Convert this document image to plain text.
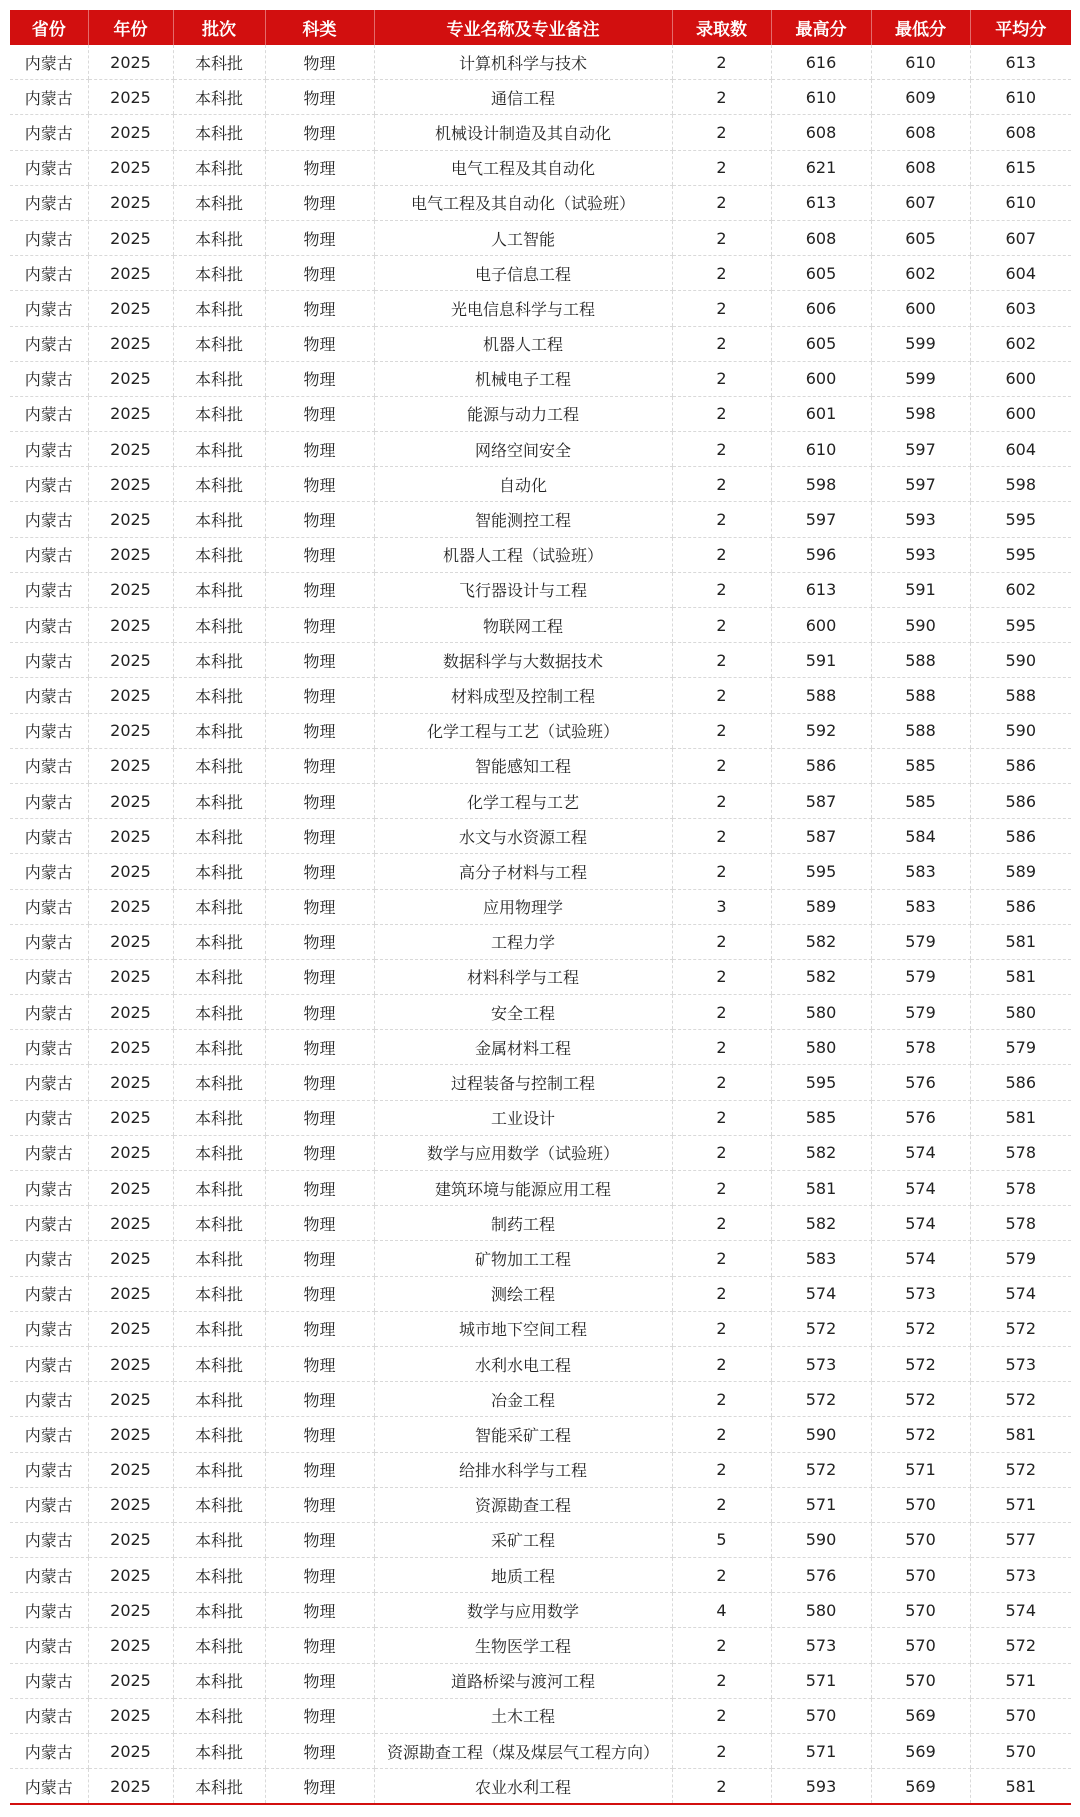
省份	年份	批次	科类	专业名称及专业备注	录取数	最高分	最低分	平均分
内蒙古	2025	本科批	物理	计算机科学与技术	2	616	610	613
内蒙古	2025	本科批	物理	通信工程	2	610	609	610
内蒙古	2025	本科批	物理	机械设计制造及其自动化	2	608	608	608
内蒙古	2025	本科批	物理	电气工程及其自动化	2	621	608	615
内蒙古	2025	本科批	物理	电气工程及其自动化（试验班）	2	613	607	610
内蒙古	2025	本科批	物理	人工智能	2	608	605	607
内蒙古	2025	本科批	物理	电子信息工程	2	605	602	604
内蒙古	2025	本科批	物理	光电信息科学与工程	2	606	600	603
内蒙古	2025	本科批	物理	机器人工程	2	605	599	602
内蒙古	2025	本科批	物理	机械电子工程	2	600	599	600
内蒙古	2025	本科批	物理	能源与动力工程	2	601	598	600
内蒙古	2025	本科批	物理	网络空间安全	2	610	597	604
内蒙古	2025	本科批	物理	自动化	2	598	597	598
内蒙古	2025	本科批	物理	智能测控工程	2	597	593	595
内蒙古	2025	本科批	物理	机器人工程（试验班）	2	596	593	595
内蒙古	2025	本科批	物理	飞行器设计与工程	2	613	591	602
内蒙古	2025	本科批	物理	物联网工程	2	600	590	595
内蒙古	2025	本科批	物理	数据科学与大数据技术	2	591	588	590
内蒙古	2025	本科批	物理	材料成型及控制工程	2	588	588	588
内蒙古	2025	本科批	物理	化学工程与工艺（试验班）	2	592	588	590
内蒙古	2025	本科批	物理	智能感知工程	2	586	585	586
内蒙古	2025	本科批	物理	化学工程与工艺	2	587	585	586
内蒙古	2025	本科批	物理	水文与水资源工程	2	587	584	586
内蒙古	2025	本科批	物理	高分子材料与工程	2	595	583	589
内蒙古	2025	本科批	物理	应用物理学	3	589	583	586
内蒙古	2025	本科批	物理	工程力学	2	582	579	581
内蒙古	2025	本科批	物理	材料科学与工程	2	582	579	581
内蒙古	2025	本科批	物理	安全工程	2	580	579	580
内蒙古	2025	本科批	物理	金属材料工程	2	580	578	579
内蒙古	2025	本科批	物理	过程装备与控制工程	2	595	576	586
内蒙古	2025	本科批	物理	工业设计	2	585	576	581
内蒙古	2025	本科批	物理	数学与应用数学（试验班）	2	582	574	578
内蒙古	2025	本科批	物理	建筑环境与能源应用工程	2	581	574	578
内蒙古	2025	本科批	物理	制药工程	2	582	574	578
内蒙古	2025	本科批	物理	矿物加工工程	2	583	574	579
内蒙古	2025	本科批	物理	测绘工程	2	574	573	574
内蒙古	2025	本科批	物理	城市地下空间工程	2	572	572	572
内蒙古	2025	本科批	物理	水利水电工程	2	573	572	573
内蒙古	2025	本科批	物理	冶金工程	2	572	572	572
内蒙古	2025	本科批	物理	智能采矿工程	2	590	572	581
内蒙古	2025	本科批	物理	给排水科学与工程	2	572	571	572
内蒙古	2025	本科批	物理	资源勘查工程	2	571	570	571
内蒙古	2025	本科批	物理	采矿工程	5	590	570	577
内蒙古	2025	本科批	物理	地质工程	2	576	570	573
内蒙古	2025	本科批	物理	数学与应用数学	4	580	570	574
内蒙古	2025	本科批	物理	生物医学工程	2	573	570	572
内蒙古	2025	本科批	物理	道路桥梁与渡河工程	2	571	570	571
内蒙古	2025	本科批	物理	土木工程	2	570	569	570
内蒙古	2025	本科批	物理	资源勘查工程（煤及煤层气工程方向）	2	571	569	570
内蒙古	2025	本科批	物理	农业水利工程	2	593	569	581
